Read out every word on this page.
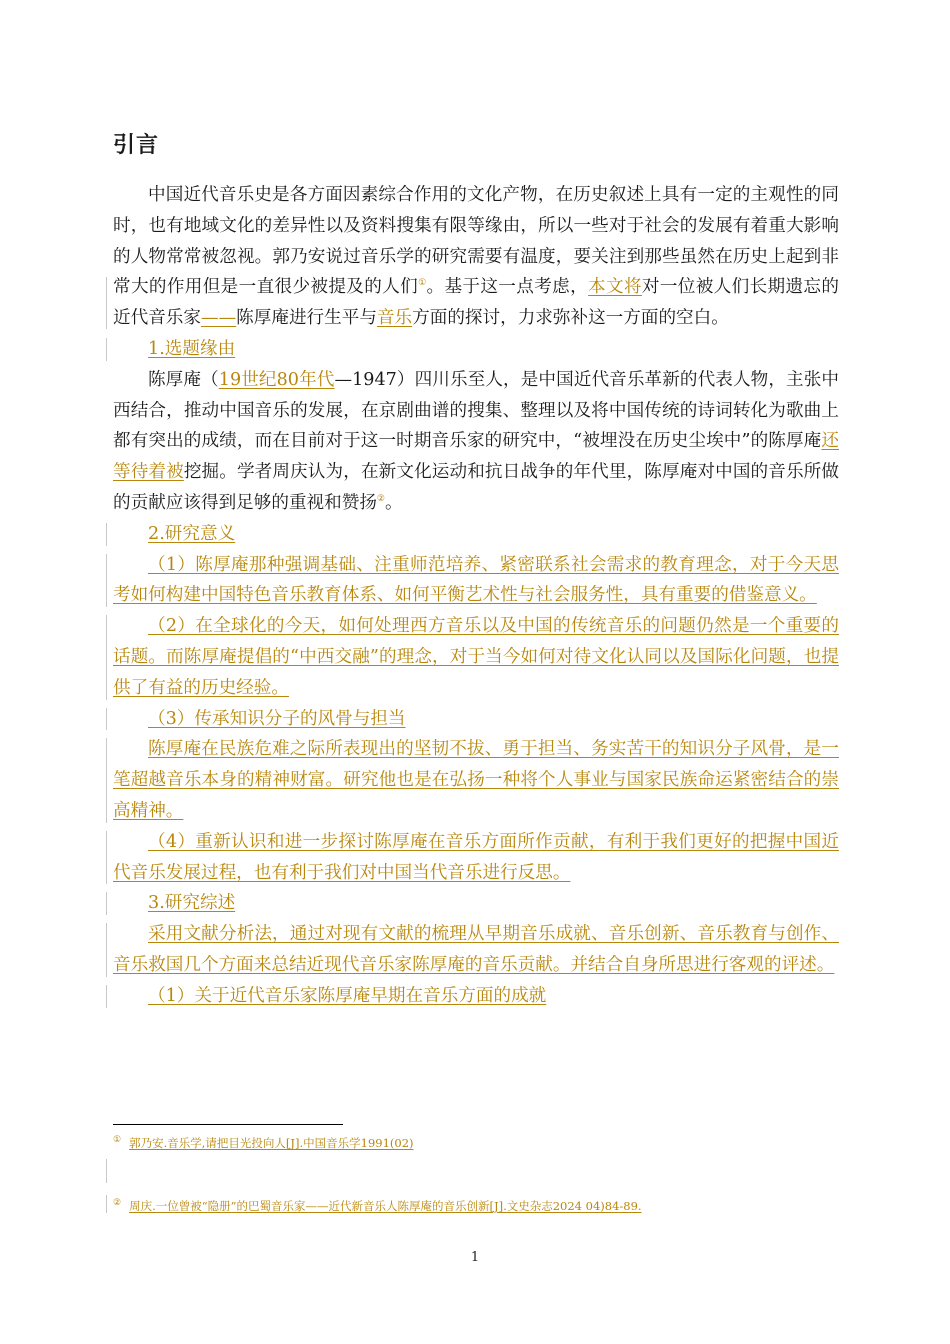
引言

中国近代音乐史是各方面因素综合作用的文化产物，在历史叙述上具有一定的主观性的同时，也有地域文化的差异性以及资料搜集有限等缘由，所以一些对于社会的发展有着重大影响的人物常常被忽视。郭乃安说过音乐学的研究需要有温度，要关注到那些虽然在历史上起到非常大的作用但是一直很少被提及的人们
①。基于这一点考虑，本文将对一位被人们长期遗忘的近代音乐家——陈厚庵进行生平与音乐方面的探讨，力求弥补这一方面的空白。

1.选题缘由

陈厚庵（19世纪80年代—1947）四川乐至人，是中国近代音乐革新的代表人物，主张中西结合，推动中国音乐的发展，在京剧曲谱的搜集、整理以及将中国传统的诗词转化为歌曲上都有突出的成绩，而在目前对于这一时期音乐家的研究中，“被埋没在历史尘埃中”的陈厚庵还等待着被挖掘。学者周庆认为，在新文化运动和抗日战争的年代里，陈厚庵对中国的音乐所做的贡献应该得到足够的重视和赞扬②。

2.研究意义

（1）陈厚庵那种强调基础、注重师范培养、紧密联系社会需求的教育理念，对于今天思考如何构建中国特色音乐教育体系、如何平衡艺术性与社会服务性，具有重要的借鉴意义。

（2）在全球化的今天，如何处理西方音乐以及中国的传统音乐的问题仍然是一个重要的话题。而陈厚庵提倡的“中西交融”的理念，对于当今如何对待文化认同以及国际化问题，也提供了有益的历史经验。

（3）传承知识分子的风骨与担当

陈厚庵在民族危难之际所表现出的坚韧不拔、勇于担当、务实苦干的知识分子风骨，是一笔超越音乐本身的精神财富。研究他也是在弘扬一种将个人事业与国家民族命运紧密结合的崇高精神。

（4）重新认识和进一步探讨陈厚庵在音乐方面所作贡献，有利于我们更好的把握中国近代音乐发展过程，也有利于我们对中国当代音乐进行反思。

3.研究综述

采用文献分析法，通过对现有文献的梳理从早期音乐成就、音乐创新、音乐教育与创作、音乐救国几个方面来总结近现代音乐家陈厚庵的音乐贡献。并结合自身所思进行客观的评述。

（1）关于近代音乐家陈厚庵早期在音乐方面的成就

① 郭乃安.音乐学,请把目光投向人[J].中国音乐学1991(02)

② 周庆.一位曾被“隐册”的巴蜀音乐家——近代新音乐人陈厚庵的音乐创新[J].文史杂志2024 04)84-89.

1
